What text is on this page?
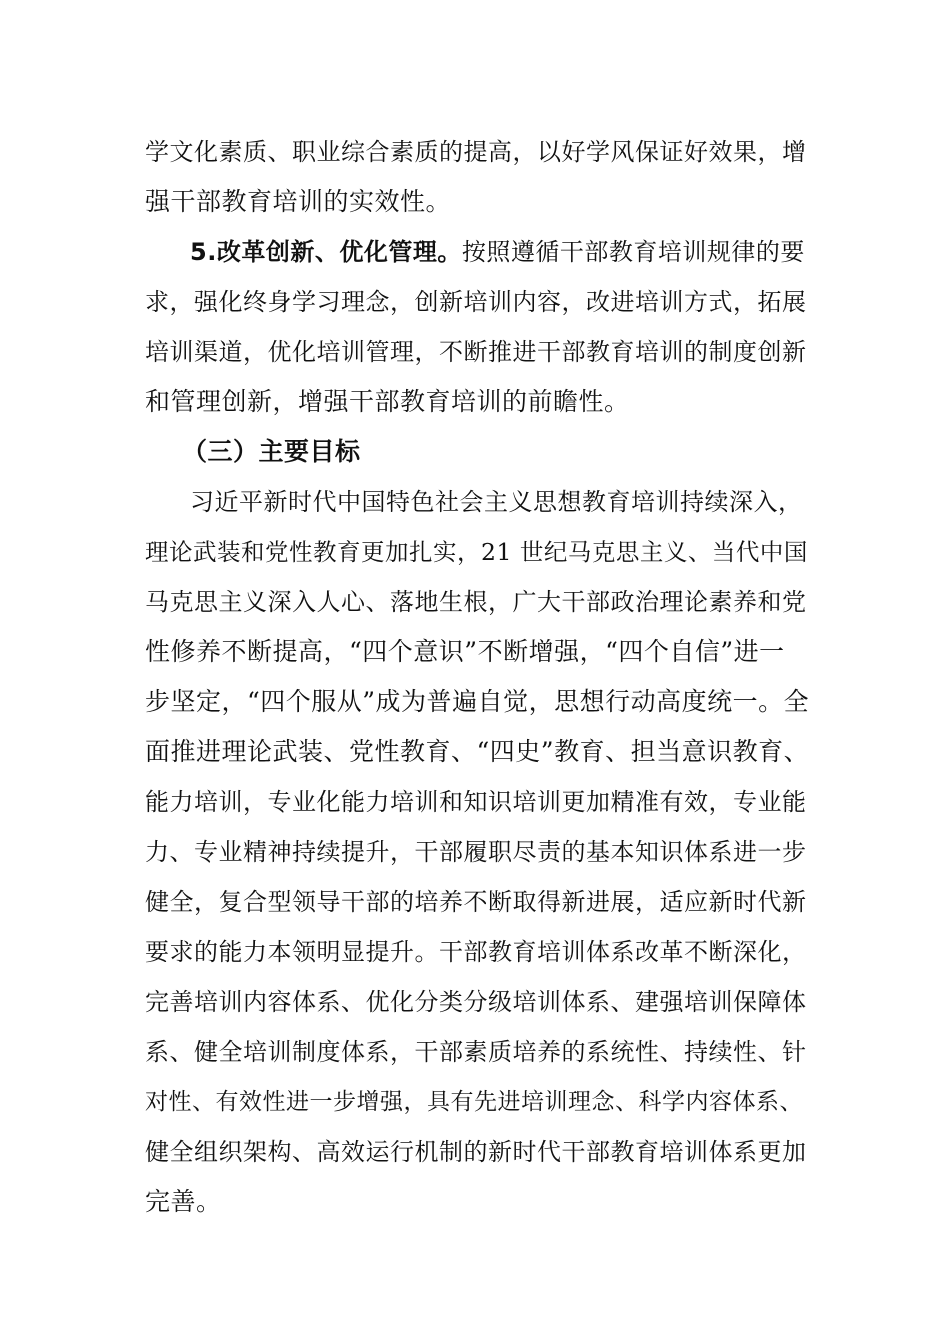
学文化素质、职业综合素质的提高，以好学风保证好效果，增
强干部教育培训的实效性。
5.改革创新、优化管理。按照遵循干部教育培训规律的要
求，强化终身学习理念，创新培训内容，改进培训方式，拓展
培训渠道，优化培训管理，不断推进干部教育培训的制度创新
和管理创新，增强干部教育培训的前瞻性。
（三）主要目标
习近平新时代中国特色社会主义思想教育培训持续深入，
理论武装和党性教育更加扎实，21 世纪马克思主义、当代中国
马克思主义深入人心、落地生根，广大干部政治理论素养和党
性修养不断提高，“四个意识”不断增强，“四个自信”进一
步坚定，“四个服从”成为普遍自觉，思想行动高度统一。全
面推进理论武装、党性教育、“四史”教育、担当意识教育、
能力培训，专业化能力培训和知识培训更加精准有效，专业能
力、专业精神持续提升，干部履职尽责的基本知识体系进一步
健全，复合型领导干部的培养不断取得新进展，适应新时代新
要求的能力本领明显提升。干部教育培训体系改革不断深化，
完善培训内容体系、优化分类分级培训体系、建强培训保障体
系、健全培训制度体系，干部素质培养的系统性、持续性、针
对性、有效性进一步增强，具有先进培训理念、科学内容体系、
健全组织架构、高效运行机制的新时代干部教育培训体系更加
完善。
